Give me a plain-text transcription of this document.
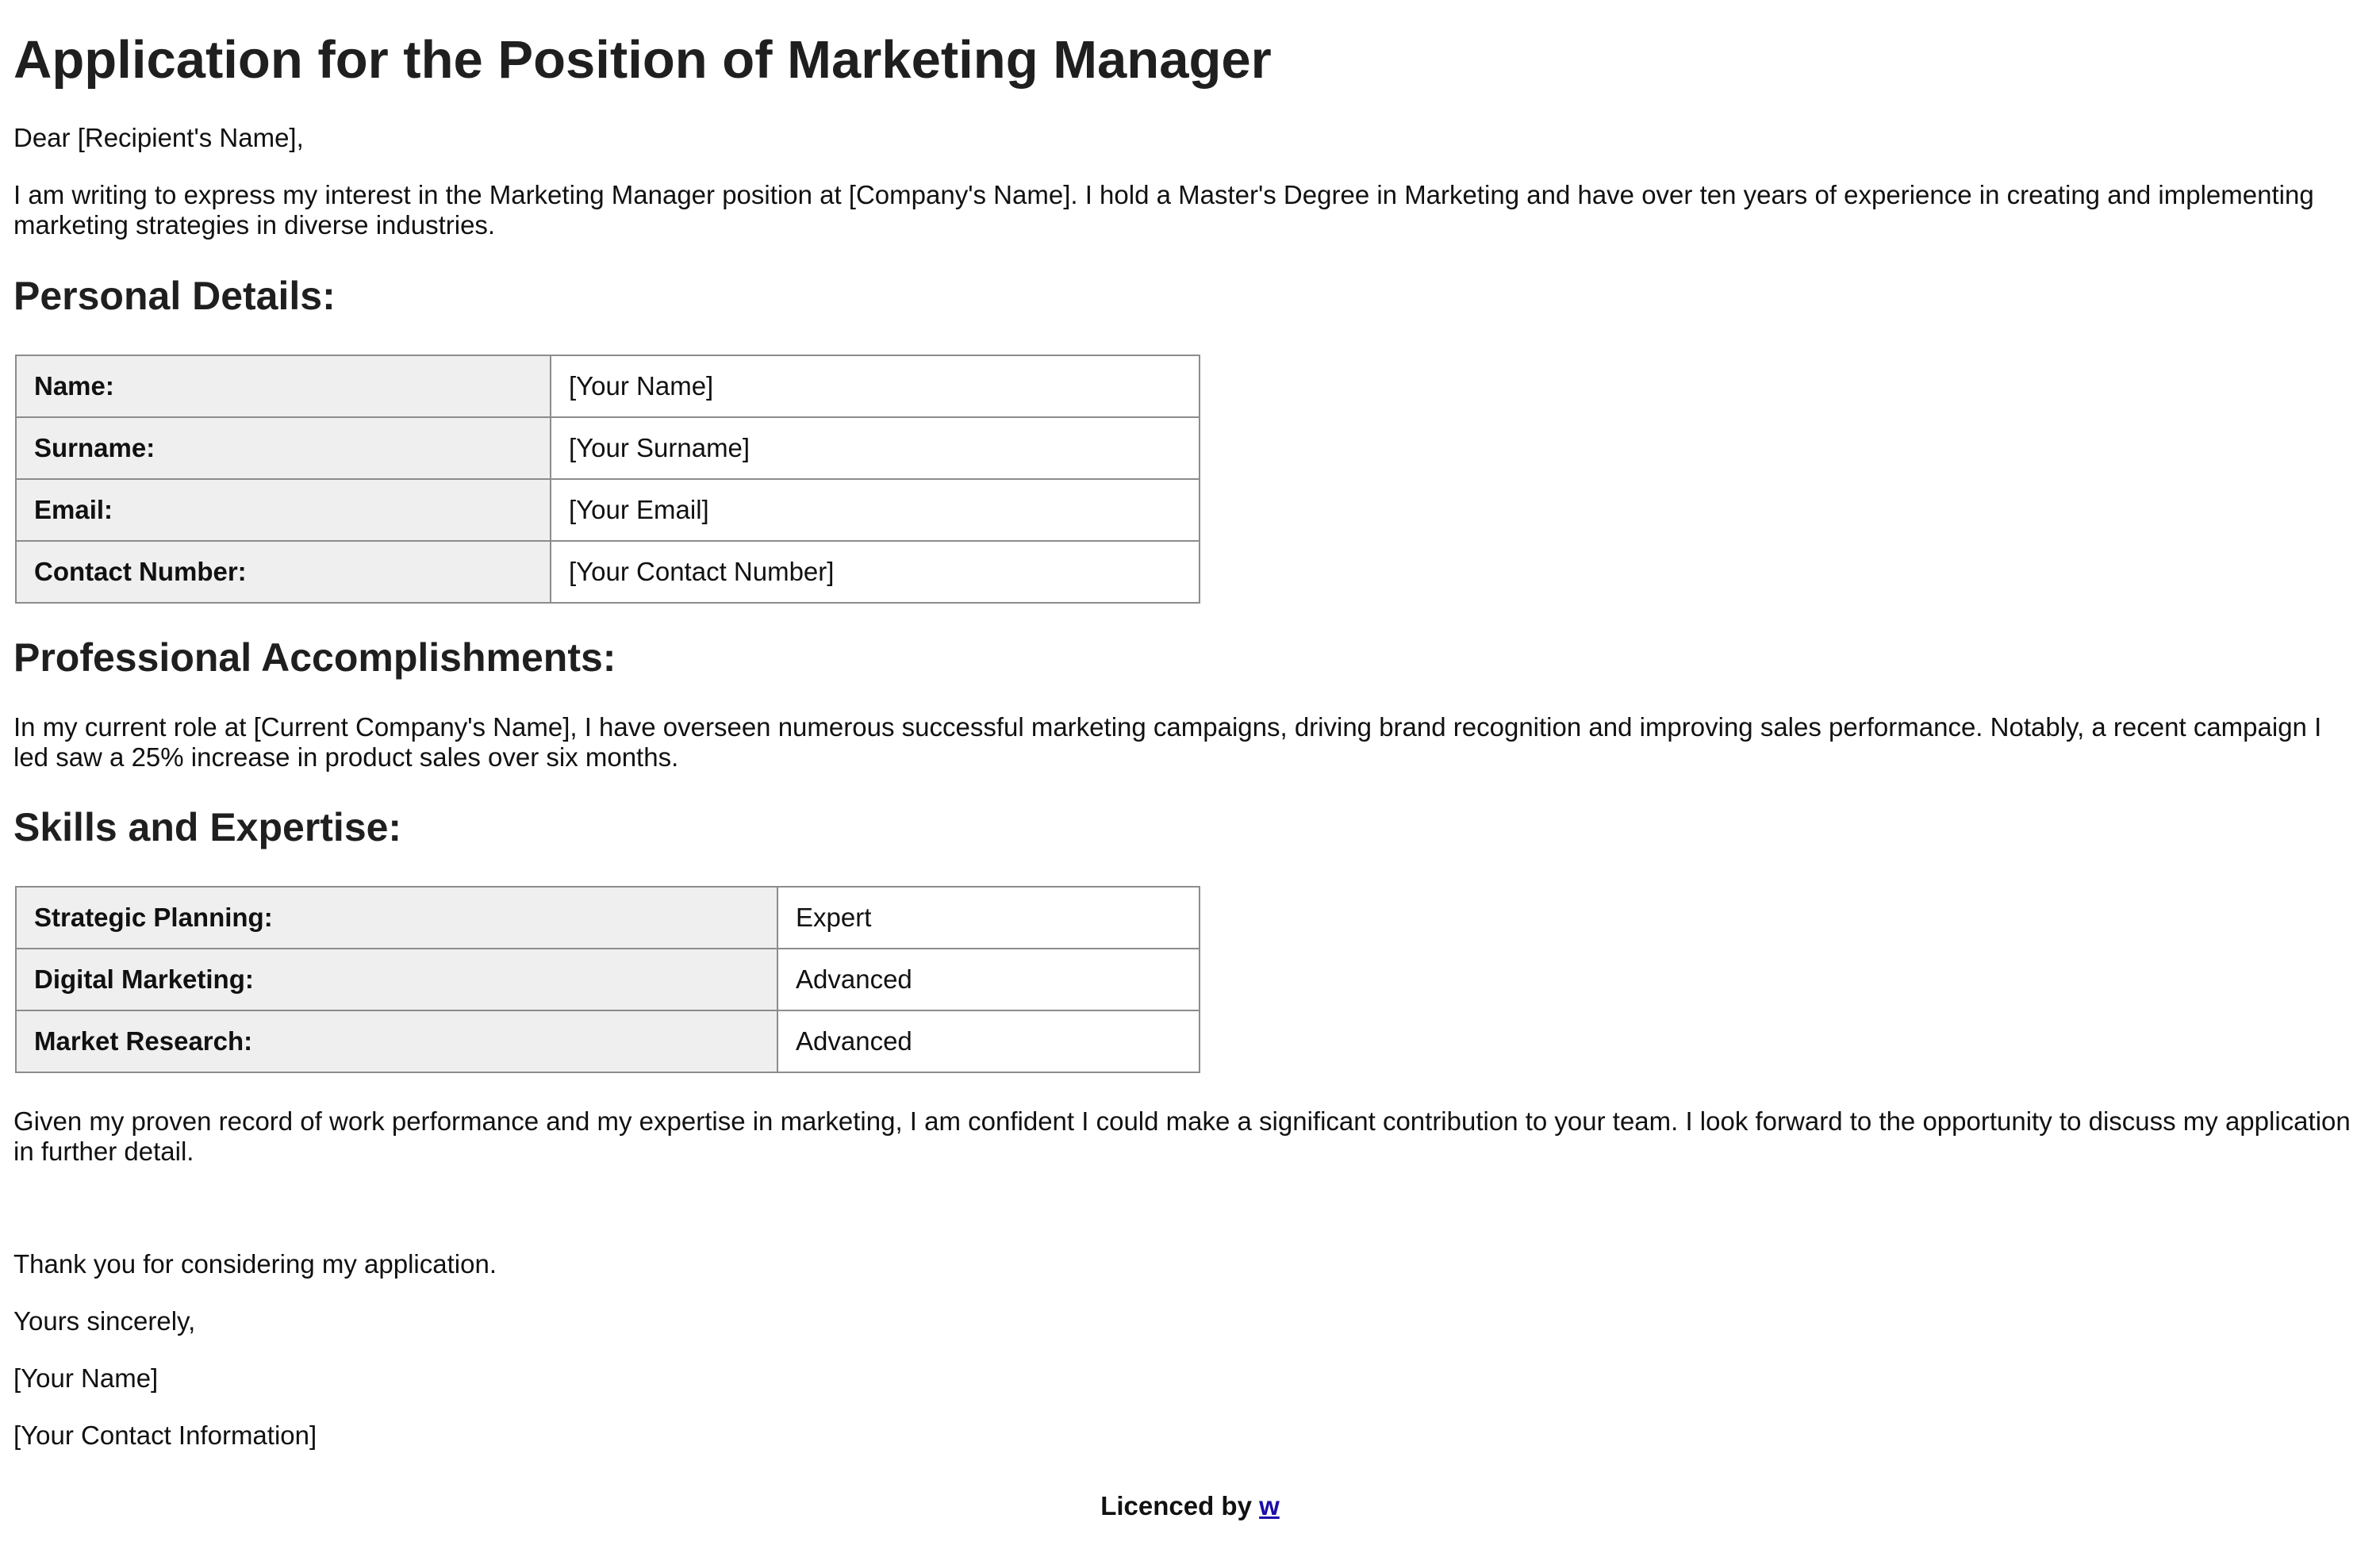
Application for the Position of Marketing Manager

Dear [Recipient's Name],

I am writing to express my interest in the Marketing Manager position at [Company's Name]. I hold a Master's Degree in Marketing and have over ten years of experience in creating and implementing marketing strategies in diverse industries.

Personal Details:
Name:	[Your Name]
Surname:	[Your Surname]
Email:	[Your Email]
Contact Number:	[Your Contact Number]
Professional Accomplishments:

In my current role at [Current Company's Name], I have overseen numerous successful marketing campaigns, driving brand recognition and improving sales performance. Notably, a recent campaign I led saw a 25% increase in product sales over six months.

Skills and Expertise:
Strategic Planning:	Expert
Digital Marketing:	Advanced
Market Research:	Advanced

Given my proven record of work performance and my expertise in marketing, I am confident I could make a significant contribution to your team. I look forward to the opportunity to discuss my application in further detail.

Thank you for considering my application.

Yours sincerely,

[Your Name]

[Your Contact Information]

Licenced by w
